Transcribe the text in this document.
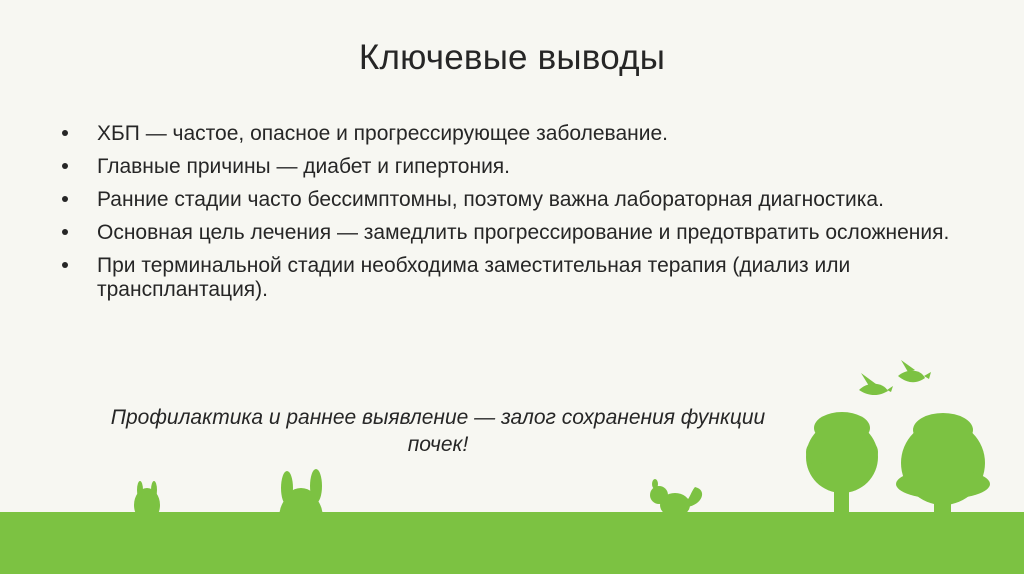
Ключевые выводы
ХБП — частое, опасное и прогрессирующее заболевание.
Главные причины — диабет и гипертония.
Ранние стадии часто бессимптомны, поэтому важна лабораторная диагностика.
Основная цель лечения — замедлить прогрессирование и предотвратить осложнения.
При терминальной стадии необходима заместительная терапия (диализ или трансплантация).
Профилактика и раннее выявление — залог сохранения функции почек!
